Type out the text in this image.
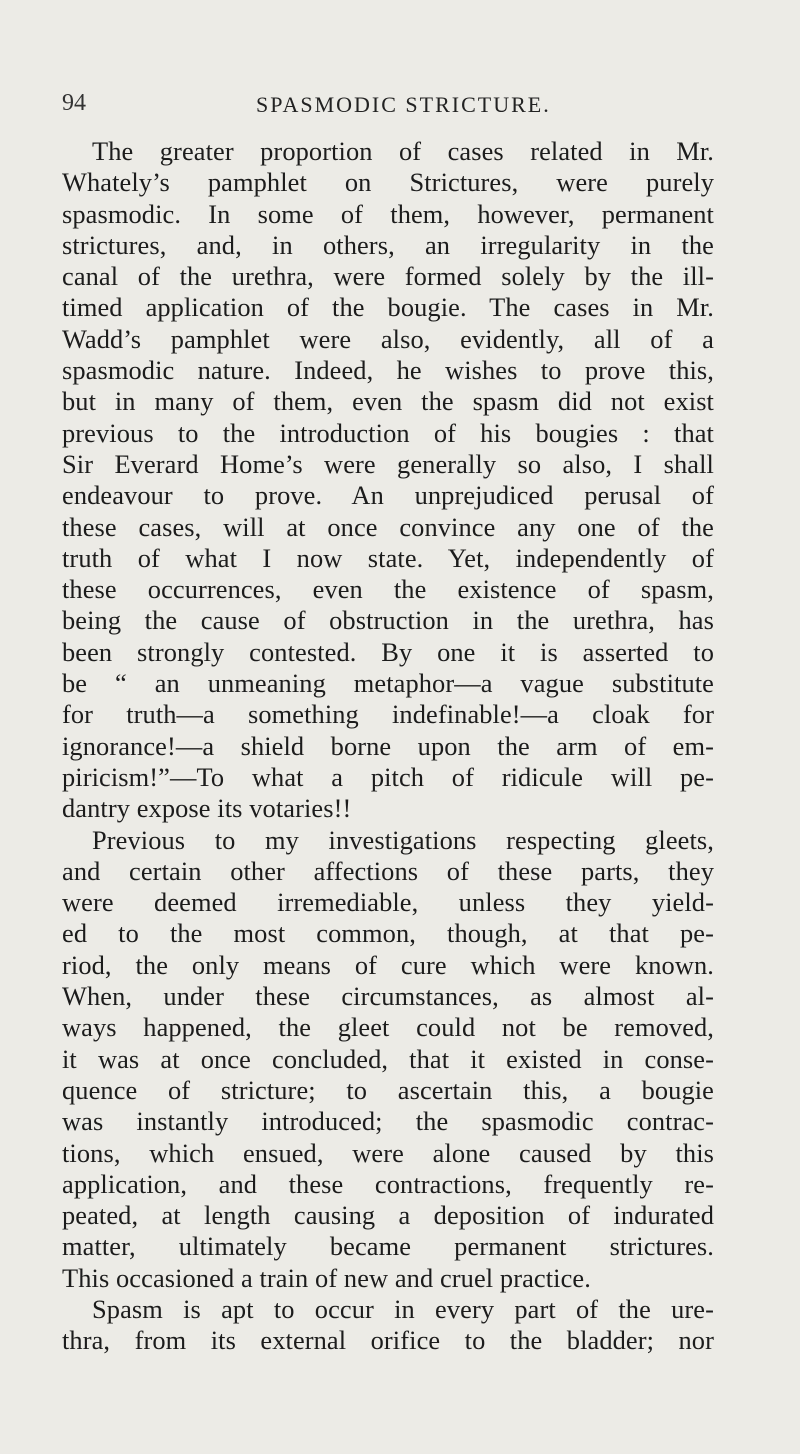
94	SPASMODIC STRICTURE.
The greater proportion of cases related in Mr.
Whately’s pamphlet on Strictures, were purely
spasmodic. In some of them, however, permanent
strictures, and, in others, an irregularity in the
canal of the urethra, were formed solely by the ill-
timed application of the bougie. The cases in Mr.
Wadd’s pamphlet were also, evidently, all of a
spasmodic nature. Indeed, he wishes to prove this,
but in many of them, even the spasm did not exist
previous to the introduction of his bougies : that
Sir Everard Home’s were generally so also, I shall
endeavour to prove. An unprejudiced perusal of
these cases, will at once convince any one of the
truth of what I now state. Yet, independently of
these occurrences, even the existence of spasm,
being the cause of obstruction in the urethra, has
been strongly contested. By one it is asserted to
be “ an unmeaning metaphor—a vague substitute
for truth—a something indefinable!—a cloak for
ignorance!—a shield borne upon the arm of em-
piricism!”—To what a pitch of ridicule will pe-
dantry expose its votaries!!
Previous to my investigations respecting gleets,
and certain other affections of these parts, they
were deemed irremediable, unless they yield-
ed to the most common, though, at that pe-
riod, the only means of cure which were known.
When, under these circumstances, as almost al-
ways happened, the gleet could not be removed,
it was at once concluded, that it existed in conse-
quence of stricture; to ascertain this, a bougie
was instantly introduced; the spasmodic contrac-
tions, which ensued, were alone caused by this
application, and these contractions, frequently re-
peated, at length causing a deposition of indurated
matter, ultimately became permanent strictures.
This occasioned a train of new and cruel practice.
Spasm is apt to occur in every part of the ure-
thra, from its external orifice to the bladder; nor
